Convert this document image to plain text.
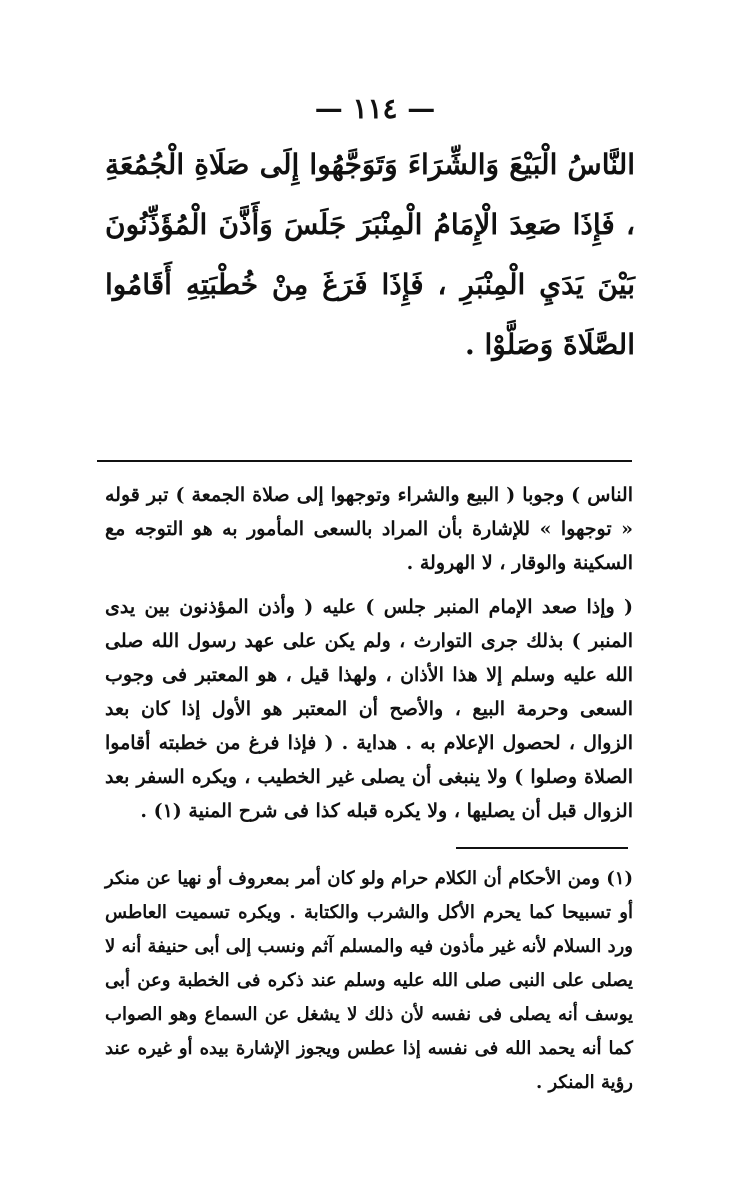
— ١١٤ —
النَّاسُ الْبَيْعَ وَالشِّرَاءَ وَتَوَجَّهُوا إِلَى صَلَاةِ الْجُمُعَةِ ، فَإِذَا صَعِدَ الْإِمَامُ الْمِنْبَرَ جَلَسَ وَأَذَّنَ الْمُؤَذِّنُونَ بَيْنَ يَدَيِ الْمِنْبَرِ ، فَإِذَا فَرَغَ مِنْ خُطْبَتِهِ أَقَامُوا الصَّلَاةَ وَصَلَّوْا .

الناس ) وجوبا ( البيع والشراء وتوجهوا إلى صلاة الجمعة ) تبر قوله « توجهوا » للإشارة بأن المراد بالسعى المأمور به هو التوجه مع السكينة والوقار ، لا الهرولة .

( وإذا صعد الإمام المنبر جلس ) عليه ( وأذن المؤذنون بين يدى المنبر ) بذلك جرى التوارث ، ولم يكن على عهد رسول الله صلى الله عليه وسلم إلا هذا الأذان ، ولهذا قيل ، هو المعتبر فى وجوب السعى وحرمة البيع ، والأصح أن المعتبر هو الأول إذا كان بعد الزوال ، لحصول الإعلام به . هداية . ( فإذا فرغ من خطبته أقاموا الصلاة وصلوا ) ولا ينبغى أن يصلى غير الخطيب ، ويكره السفر بعد الزوال قبل أن يصليها ، ولا يكره قبله كذا فى شرح المنية (١) .

(١) ومن الأحكام أن الكلام حرام ولو كان أمر بمعروف أو نهيا عن منكر أو تسبيحا كما يحرم الأكل والشرب والكتابة . ويكره تسميت العاطس ورد السلام لأنه غير مأذون فيه والمسلم آثم ونسب إلى أبى حنيفة أنه لا يصلى على النبى صلى الله عليه وسلم عند ذكره فى الخطبة وعن أبى يوسف أنه يصلى فى نفسه لأن ذلك لا يشغل عن السماع وهو الصواب كما أنه يحمد الله فى نفسه إذا عطس ويجوز الإشارة بيده أو غيره عند رؤية المنكر .
